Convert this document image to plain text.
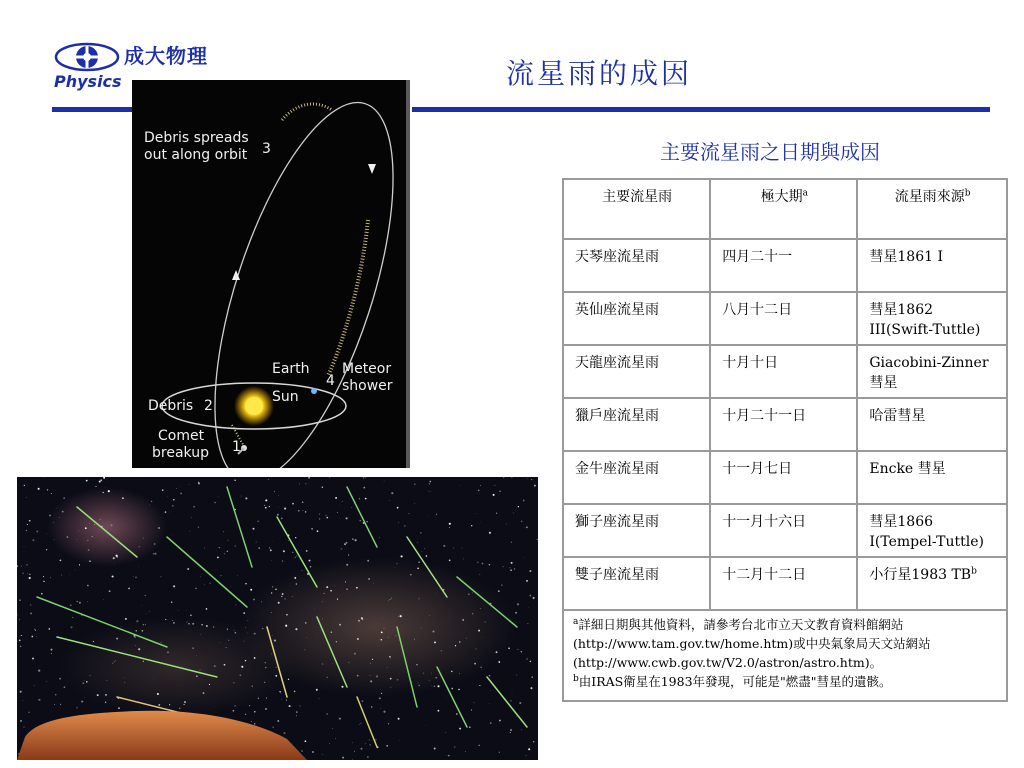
成大物理
Physics	流星雨的成因
Debris spreads
out along orbit 3
Earth Meteor
shower
4
Sun
Debris 2
Comet
breakup 1
主要流星雨之日期與成因
主要流星雨	極大期$^a$	流星雨來源$^b$
天琴座流星雨	四月二十一	彗星1861 I
英仙座流星雨	八月十二日	彗星1862 III(Swift-Tuttle)
天龍座流星雨	十月十日	Giacobini-Zinner 彗星
獵戶座流星雨	十月二十一日	哈雷彗星
金牛座流星雨	十一月七日	Encke 彗星
獅子座流星雨	十一月十六日	彗星1866 I(Tempel-Tuttle)
雙子座流星雨	十二月十二日	小行星1983 $TB^b$

$^a$詳細日期與其他資料，請參考台北市立天文教育資料館網站
(http://www.tam.gov.tw/home.htm)或中央氣象局天文站網站
(http://www.cwb.gov.tw/V2.0/astron/astro.htm)。
$^b$由IRAS衛星在1983年發現，可能是"燃盡"彗星的遺骸。		
